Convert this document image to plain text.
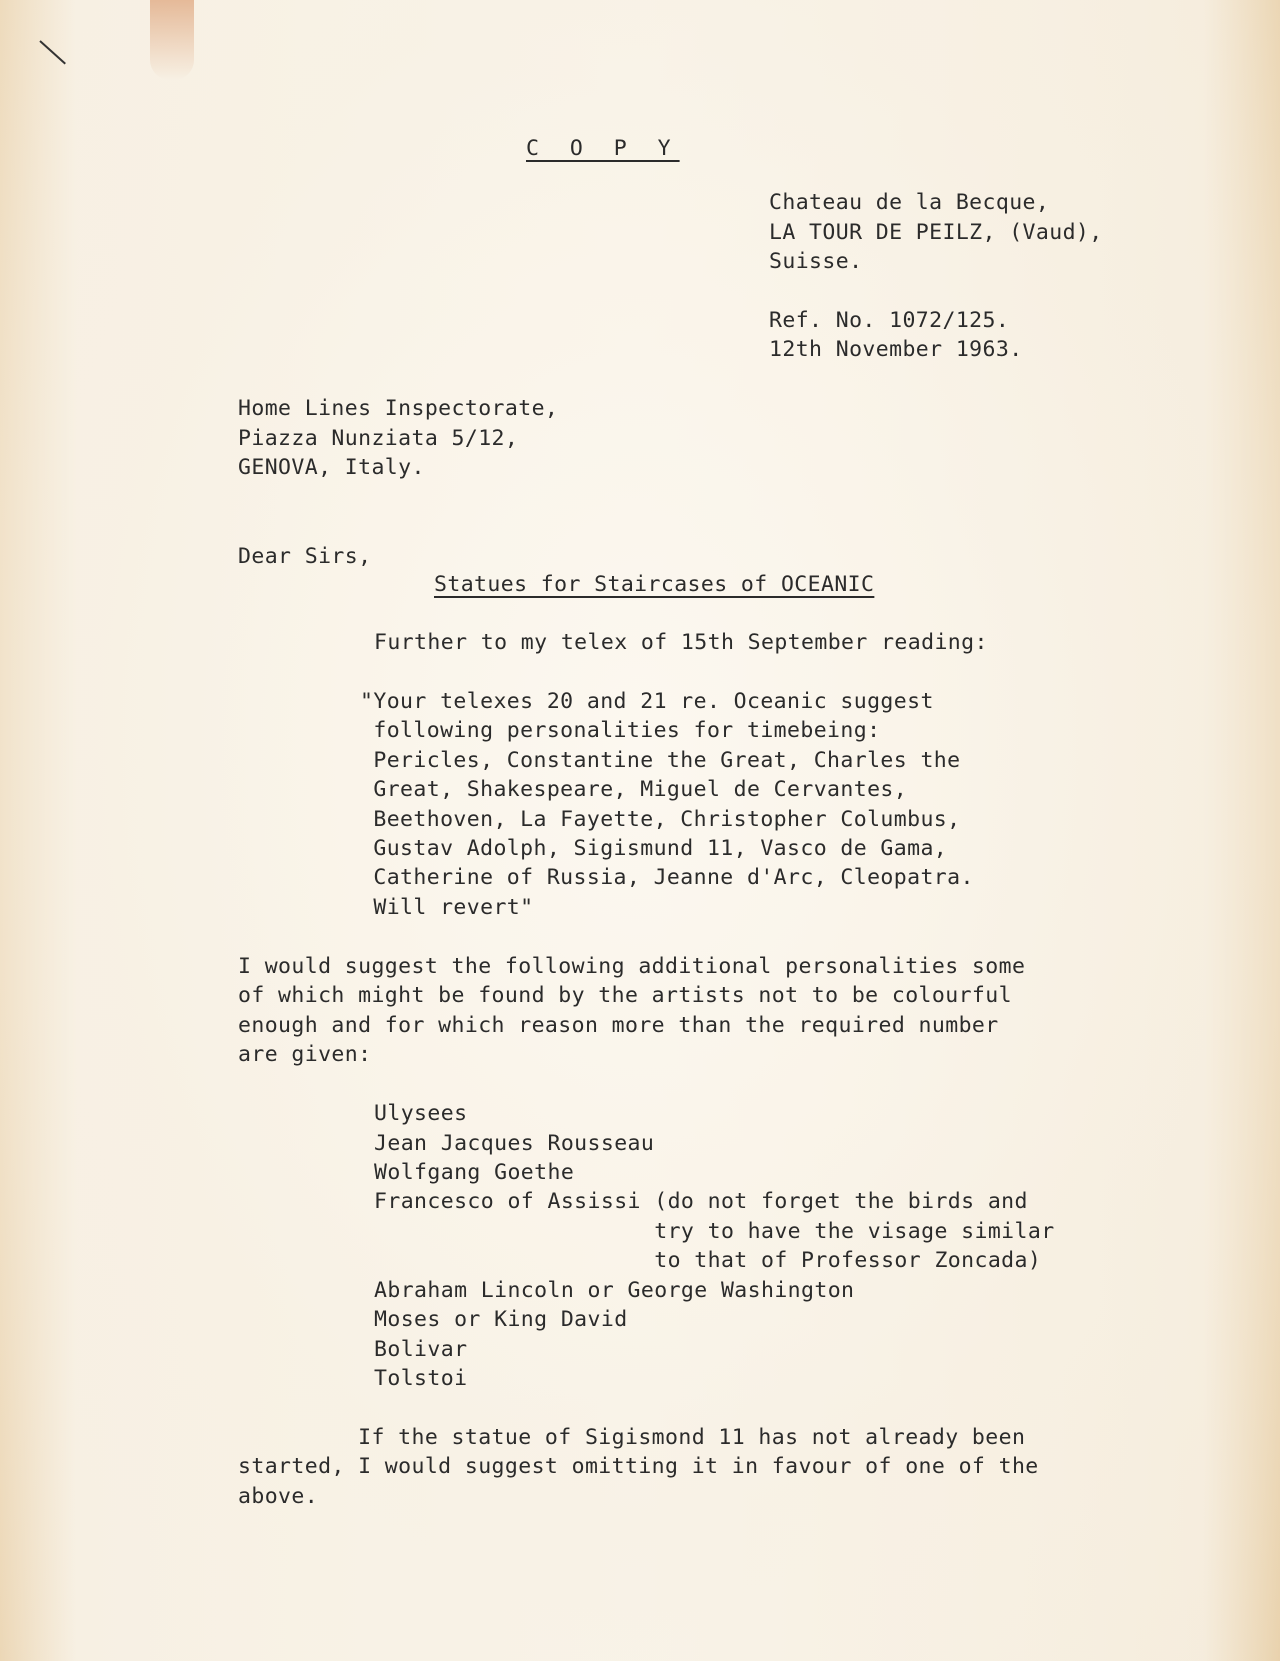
C O P Y

Chateau de la Becque,

LA TOUR DE PEILZ, (Vaud),

Suisse.

Ref. No. 1072/125.

12th November 1963.

Home Lines Inspectorate,

Piazza Nunziata 5/12,

GENOVA, Italy.

Dear Sirs,

Statues for Staircases of OCEANIC

Further to my telex of 15th September reading:

"Your telexes 20 and 21 re. Oceanic suggest

following personalities for timebeing:

Pericles, Constantine the Great, Charles the

Great, Shakespeare, Miguel de Cervantes,

Beethoven, La Fayette, Christopher Columbus,

Gustav Adolph, Sigismund 11, Vasco de Gama,

Catherine of Russia, Jeanne d'Arc, Cleopatra.

Will revert"

I would suggest the following additional personalities some

of which might be found by the artists not to be colourful

enough and for which reason more than the required number

are given:

Ulysees

Jean Jacques Rousseau

Wolfgang Goethe

Francesco of Assissi (do not forget the birds and

try to have the visage similar

to that of Professor Zoncada)

Abraham Lincoln or George Washington

Moses or King David

Bolivar

Tolstoi

If the statue of Sigismond 11 has not already been

started, I would suggest omitting it in favour of one of the

above.
